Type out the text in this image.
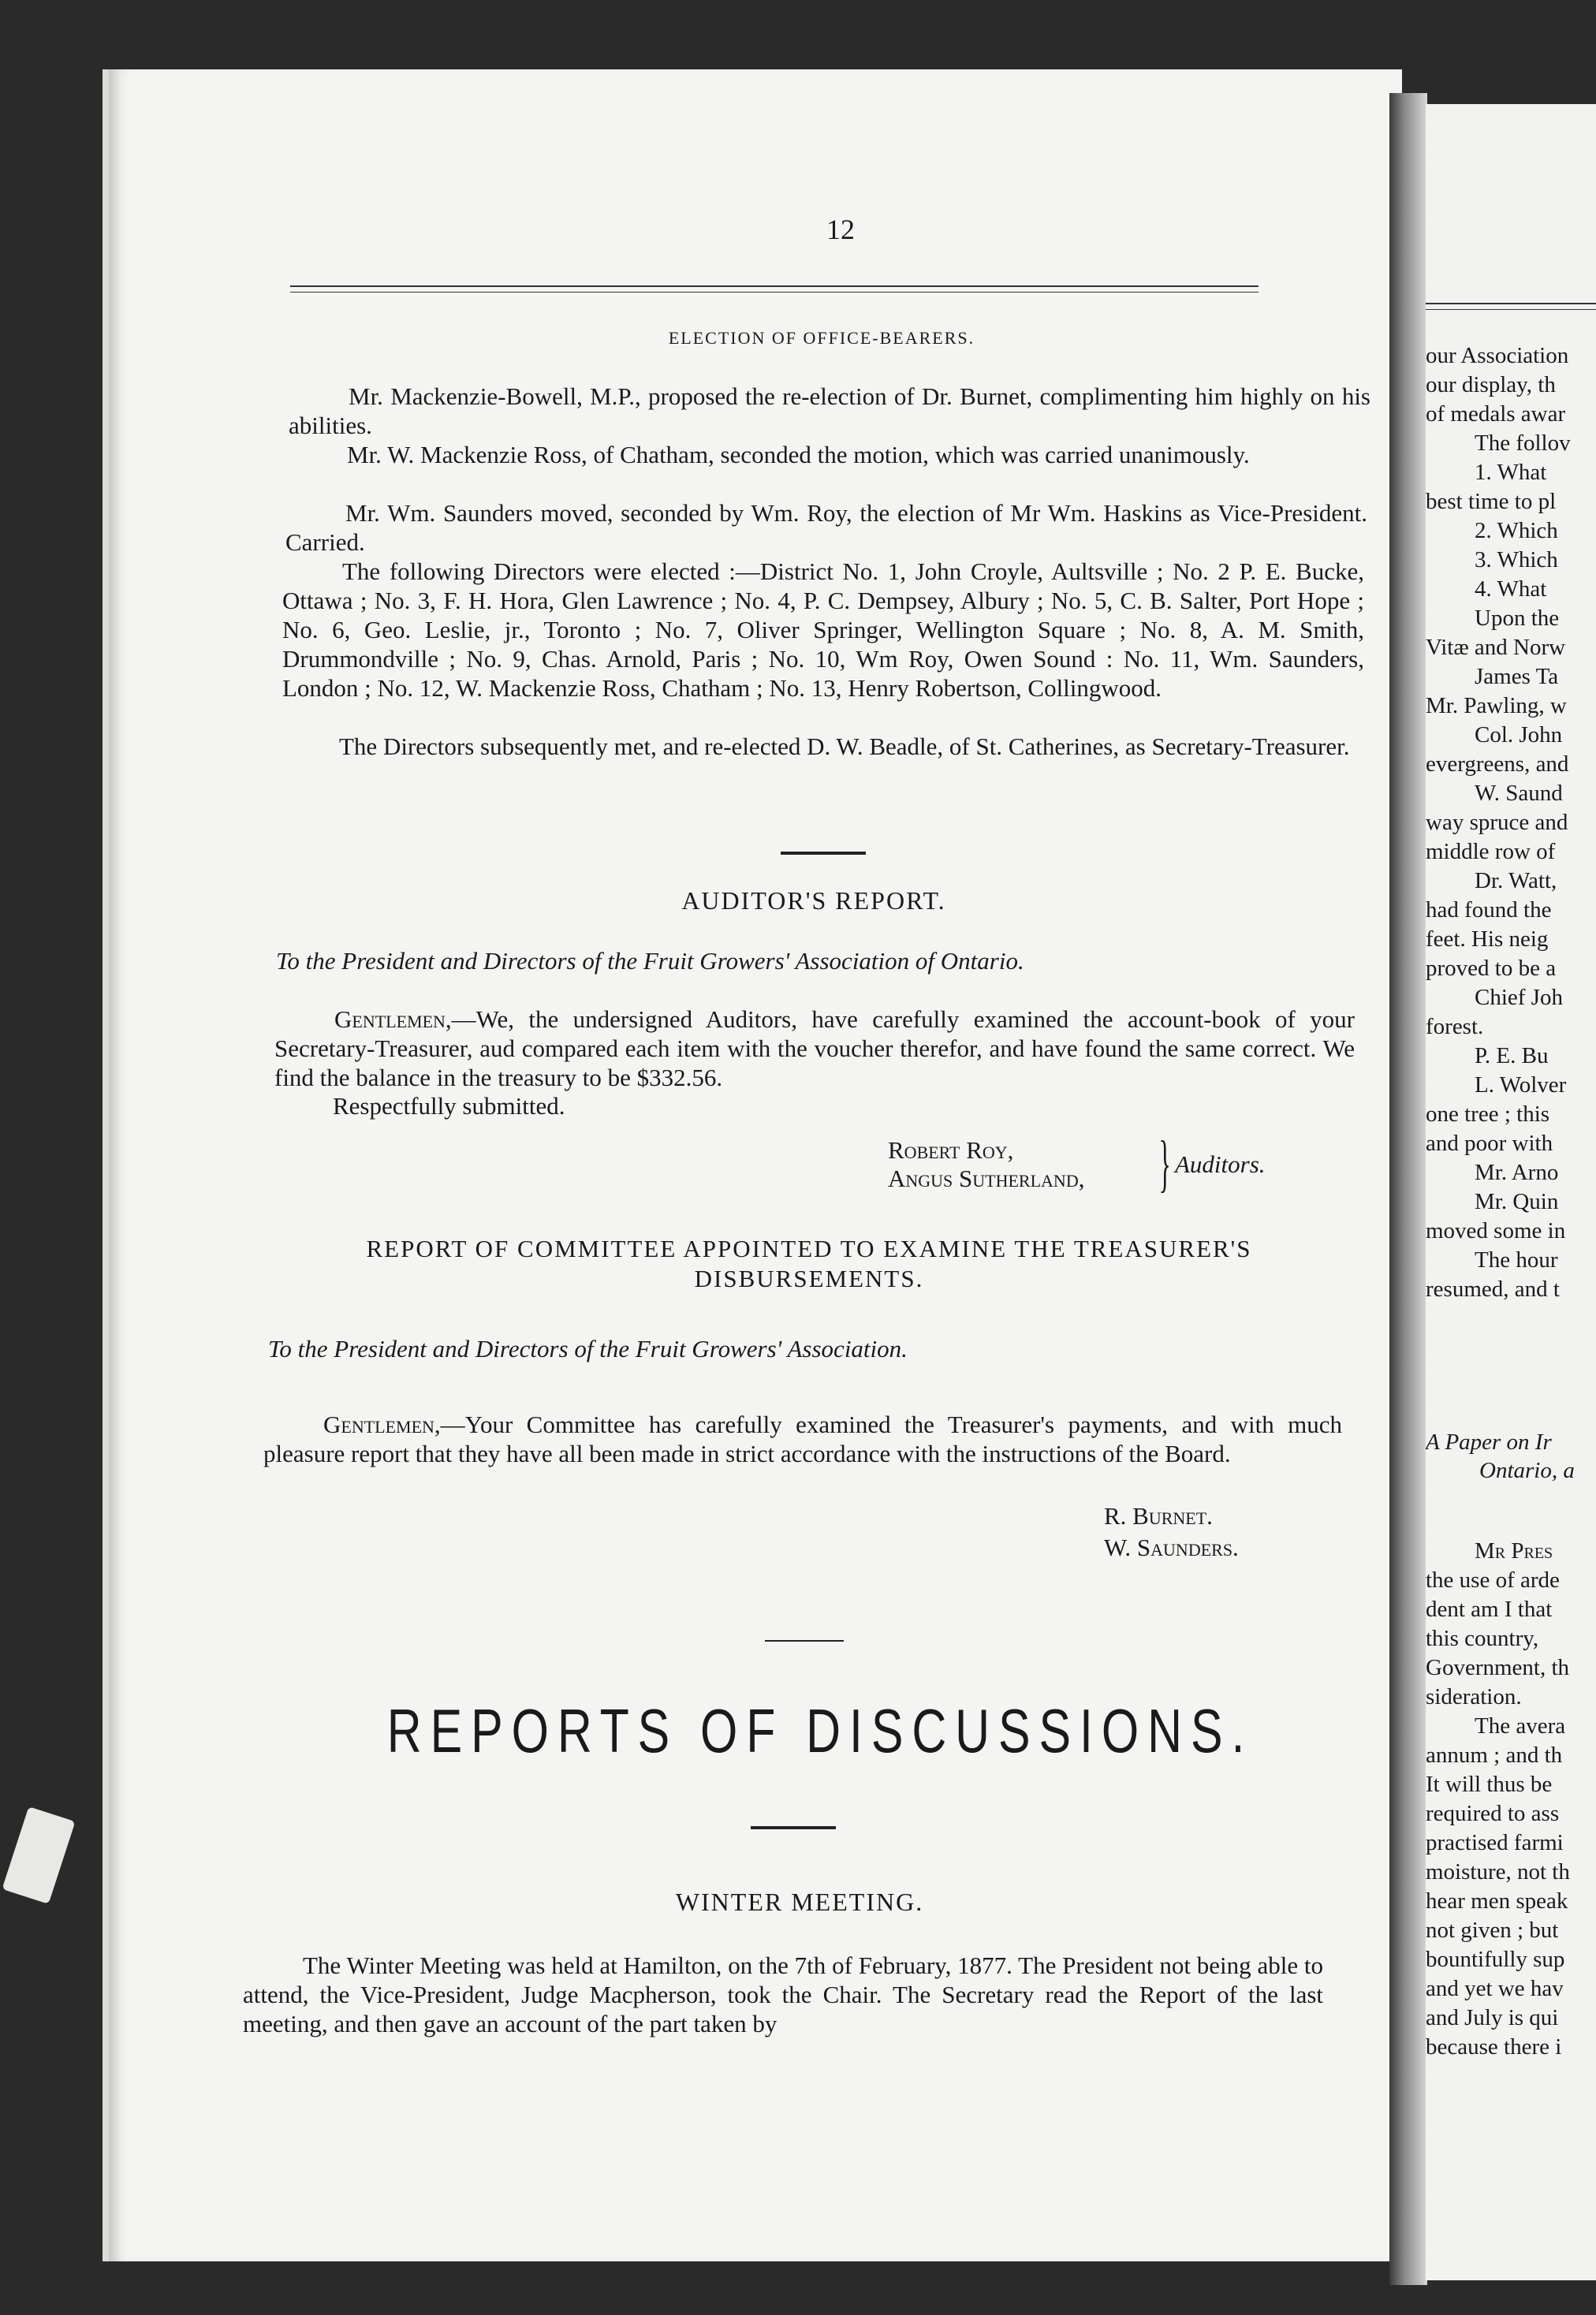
12
ELECTION OF OFFICE-BEARERS.
Mr. Mackenzie-Bowell, M.P., proposed the re-election of Dr. Burnet, complimenting him highly on his abilities.
Mr. W. Mackenzie Ross, of Chatham, seconded the motion, which was carried unanimously.
Mr. Wm. Saunders moved, seconded by Wm. Roy, the election of Mr Wm. Haskins as Vice-President. Carried.
The following Directors were elected :—District No. 1, John Croyle, Aultsville ; No. 2 P. E. Bucke, Ottawa ; No. 3, F. H. Hora, Glen Lawrence ; No. 4, P. C. Dempsey, Albury ; No. 5, C. B. Salter, Port Hope ; No. 6, Geo. Leslie, jr., Toronto ; No. 7, Oliver Springer, Wellington Square ; No. 8, A. M. Smith, Drummondville ; No. 9, Chas. Arnold, Paris ; No. 10, Wm Roy, Owen Sound : No. 11, Wm. Saunders, London ; No. 12, W. Mackenzie Ross, Chatham ; No. 13, Henry Robertson, Collingwood.
The Directors subsequently met, and re-elected D. W. Beadle, of St. Catherines, as Secretary-Treasurer.
AUDITOR'S REPORT.
To the President and Directors of the Fruit Growers' Association of Ontario.
Gentlemen,—We, the undersigned Auditors, have carefully examined the account-book of your Secretary-Treasurer, aud compared each item with the voucher therefor, and have found the same correct. We find the balance in the treasury to be $332.56.
Respectfully submitted.
Robert Roy,
Angus Sutherland,	} Auditors.
REPORT OF COMMITTEE APPOINTED TO EXAMINE THE TREASURER'S
DISBURSEMENTS.
To the President and Directors of the Fruit Growers' Association.
Gentlemen,—Your Committee has carefully examined the Treasurer's payments, and with much pleasure report that they have all been made in strict accordance with the instructions of the Board.
R. Burnet.
W. Saunders.
REPORTS OF DISCUSSIONS.
WINTER MEETING.
The Winter Meeting was held at Hamilton, on the 7th of February, 1877. The President not being able to attend, the Vice-President, Judge Macpherson, took the Chair. The Secretary read the Report of the last meeting, and then gave an account of the part taken by
our Association
our display, th
of medals awar
The follov
1. What
best time to pl
2. Which
3. Which
4. What
Upon the
Vitæ and Norw
James Ta
Mr. Pawling, w
Col. John
evergreens, and
W. Saund
way spruce and
middle row of
Dr. Watt,
had found the
feet. His neig
proved to be a
Chief Joh
forest.
P. E. Bu
L. Wolver
one tree ; this
and poor with
Mr. Arno
Mr. Quin
moved some in
The hour
resumed, and t
A Paper on Ir
Ontario, a
Mr Pres
the use of arde
dent am I that
this country,
Government, th
sideration.
The avera
annum ; and th
It will thus be
required to ass
practised farmi
moisture, not th
hear men speak
not given ; but
bountifully sup
and yet we hav
and July is qui
because there i
